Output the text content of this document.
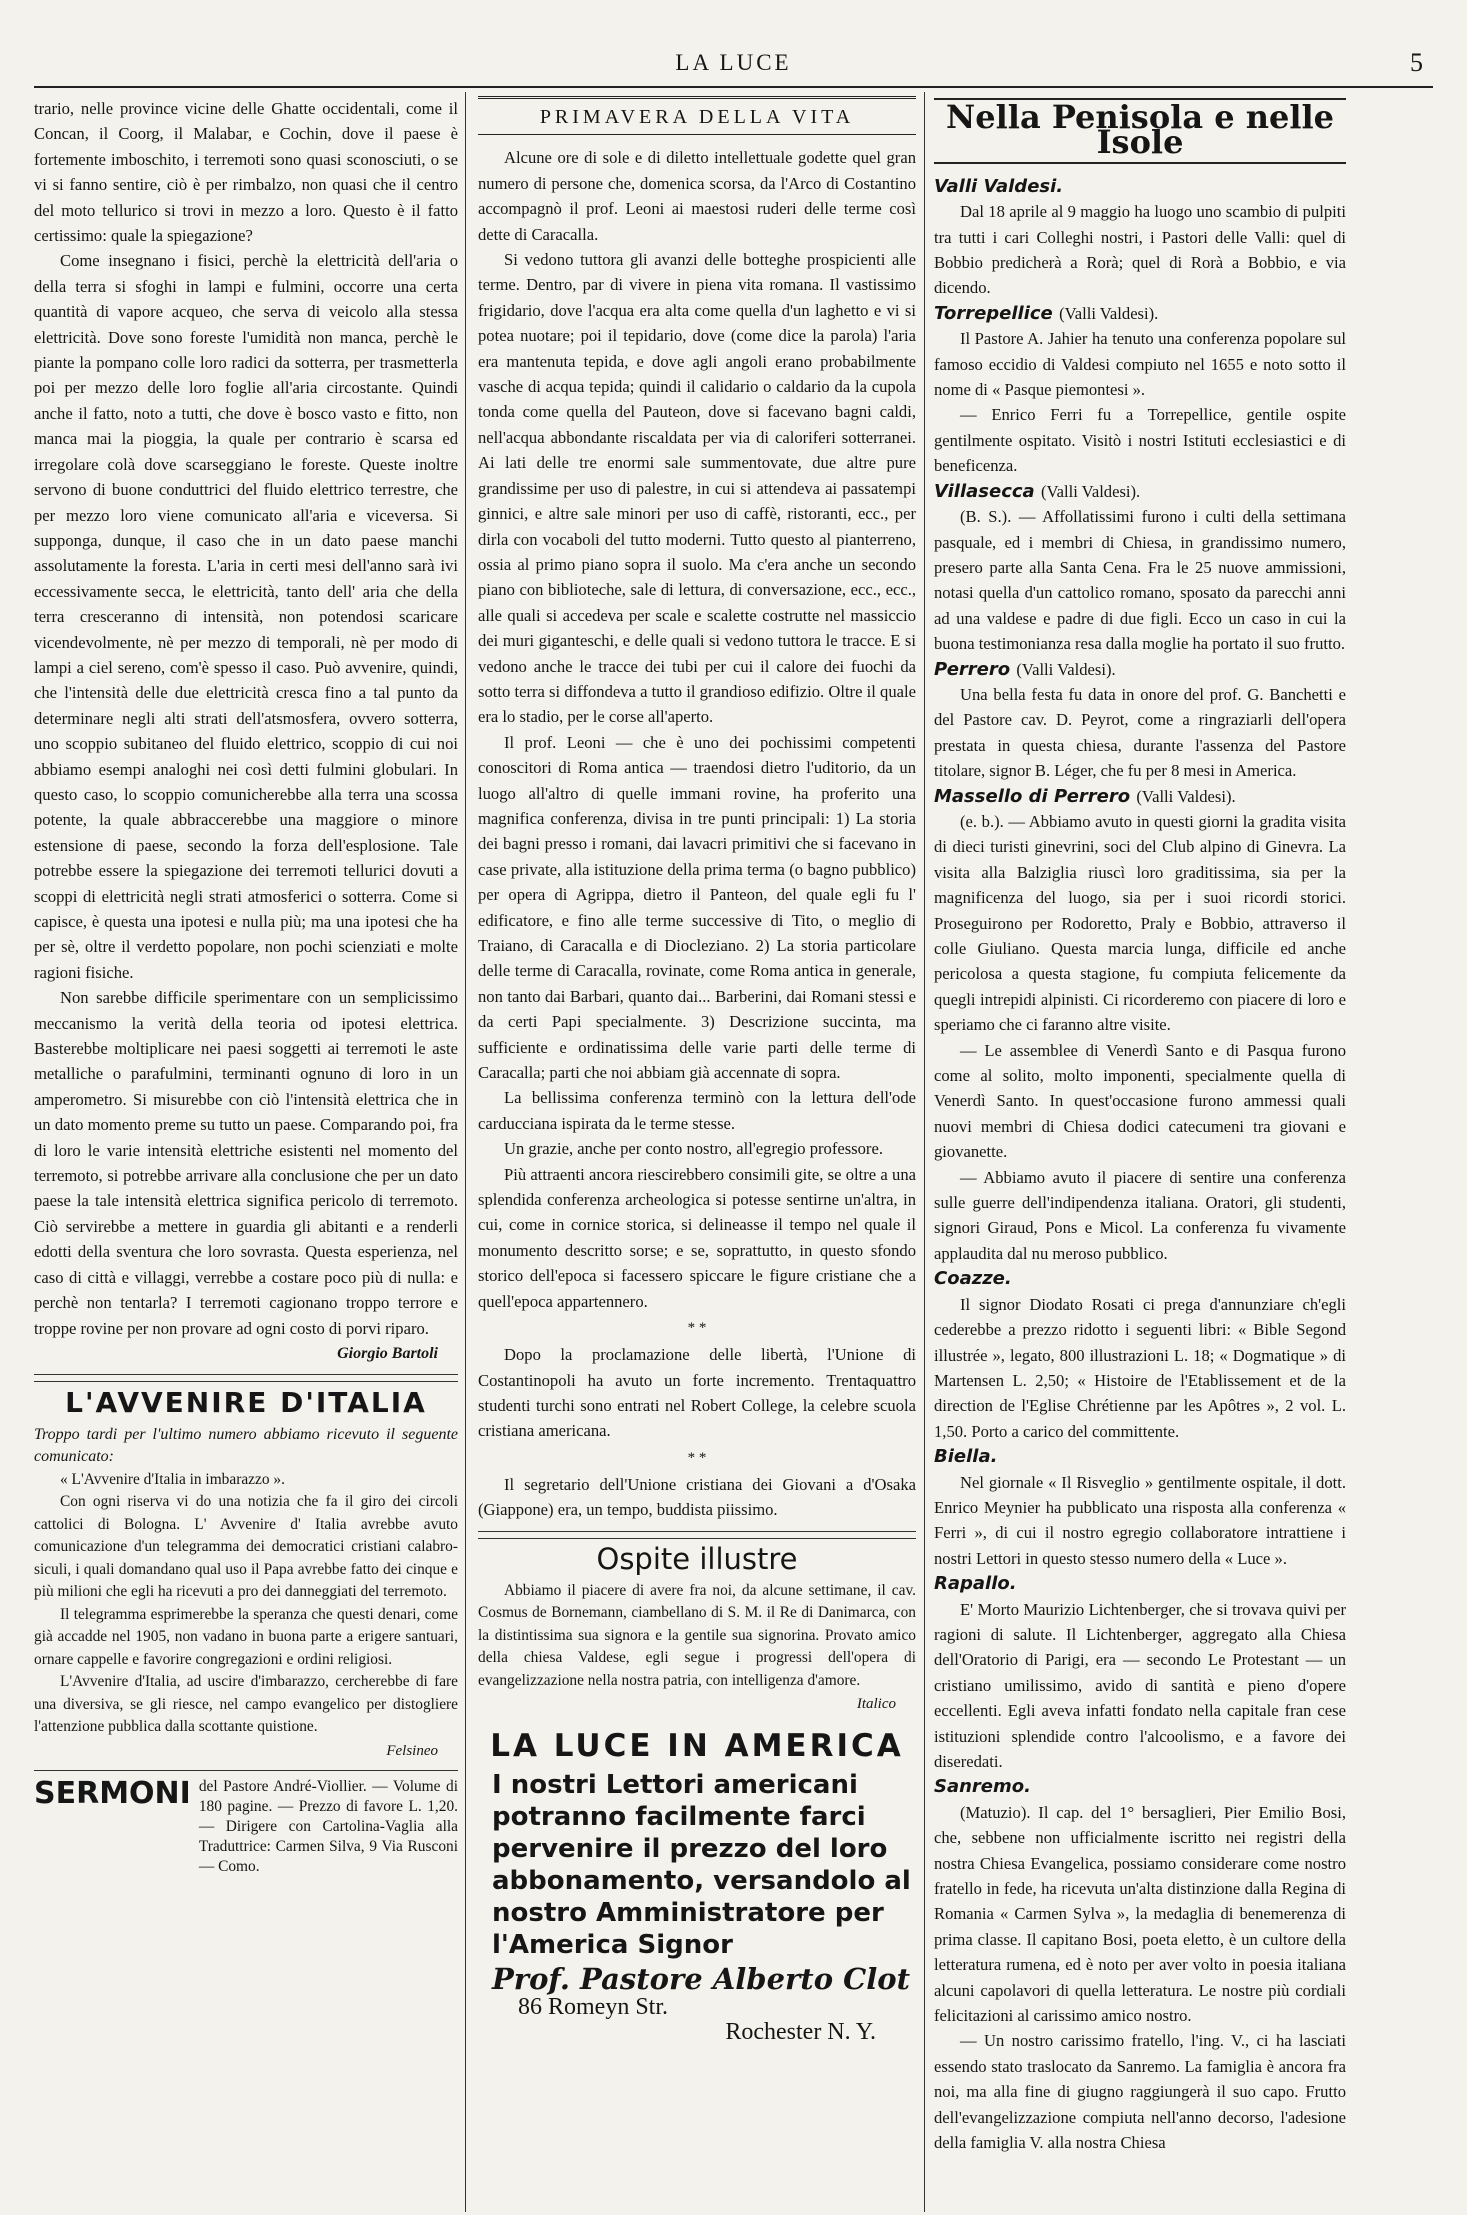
LA LUCE	5

trario, nelle province vicine delle Ghatte occidentali, come il Concan, il Coorg, il Malabar, e Cochin, dove il paese è fortemente imboschito, i terremoti sono quasi sconosciuti, o se vi si fanno sentire, ciò è per rimbalzo, non quasi che il centro del moto tellurico si trovi in mezzo a loro. Questo è il fatto certissimo: quale la spiegazione?

Come insegnano i fisici, perchè la elettricità dell'aria o della terra si sfoghi in lampi e fulmini, occorre una certa quantità di vapore acqueo, che serva di veicolo alla stessa elettricità. Dove sono foreste l'umidità non manca, perchè le piante la pompano colle loro radici da sotterra, per trasmetterla poi per mezzo delle loro foglie all'aria circostante. Quindi anche il fatto, noto a tutti, che dove è bosco vasto e fitto, non manca mai la pioggia, la quale per contrario è scarsa ed irregolare colà dove scarseggiano le foreste. Queste inoltre servono di buone conduttrici del fluido elettrico terrestre, che per mezzo loro viene comunicato all'aria e viceversa. Si supponga, dunque, il caso che in un dato paese manchi assolutamente la foresta. L'aria in certi mesi dell'anno sarà ivi eccessivamente secca, le elettricità, tanto dell' aria che della terra cresceranno di intensità, non potendosi scaricare vicendevolmente, nè per mezzo di temporali, nè per modo di lampi a ciel sereno, com'è spesso il caso. Può avvenire, quindi, che l'intensità delle due elettricità cresca fino a tal punto da determinare negli alti strati dell'atsmosfera, ovvero sotterra, uno scoppio subitaneo del fluido elettrico, scoppio di cui noi abbiamo esempi analoghi nei così detti fulmini globulari. In questo caso, lo scoppio comunicherebbe alla terra una scossa potente, la quale abbraccerebbe una maggiore o minore estensione di paese, secondo la forza dell'esplosione. Tale potrebbe essere la spiegazione dei terremoti tellurici dovuti a scoppi di elettricità negli strati atmosferici o sotterra. Come si capisce, è questa una ipotesi e nulla più; ma una ipotesi che ha per sè, oltre il verdetto popolare, non pochi scienziati e molte ragioni fisiche.

Non sarebbe difficile sperimentare con un semplicissimo meccanismo la verità della teoria od ipotesi elettrica. Basterebbe moltiplicare nei paesi soggetti ai terremoti le aste metalliche o parafulmini, terminanti ognuno di loro in un amperometro. Si misurebbe con ciò l'intensità elettrica che in un dato momento preme su tutto un paese. Comparando poi, fra di loro le varie intensità elettriche esistenti nel momento del terremoto, si potrebbe arrivare alla conclusione che per un dato paese la tale intensità elettrica significa pericolo di terremoto. Ciò servirebbe a mettere in guardia gli abitanti e a renderli edotti della sventura che loro sovrasta. Questa esperienza, nel caso di città e villaggi, verrebbe a costare poco più di nulla: e perchè non tentarla? I terremoti cagionano troppo terrore e troppe rovine per non provare ad ogni costo di porvi riparo.

Giorgio Bartoli
L'AVVENIRE D'ITALIA

Troppo tardi per l'ultimo numero abbiamo ricevuto il seguente comunicato:

« L'Avvenire d'Italia in imbarazzo ».

Con ogni riserva vi do una notizia che fa il giro dei circoli cattolici di Bologna. L' Avvenire d' Italia avrebbe avuto comunicazione d'un telegramma dei democratici cristiani calabro-siculi, i quali domandano qual uso il Papa avrebbe fatto dei cinque e più milioni che egli ha ricevuti a pro dei danneggiati del terremoto.

Il telegramma esprimerebbe la speranza che questi denari, come già accadde nel 1905, non vadano in buona parte a erigere santuari, ornare cappelle e favorire congregazioni e ordini religiosi.

L'Avvenire d'Italia, ad uscire d'imbarazzo, cercherebbe di fare una diversiva, se gli riesce, nel campo evangelico per distogliere l'attenzione pubblica dalla scottante quistione.

Felsineo
SERMONI del Pastore André-Viollier. — Volume di 180 pagine. — Prezzo di favore L. 1,20. — Dirigere con Cartolina-Vaglia alla Traduttrice: Carmen Silva, 9 Via Rusconi — Como.
PRIMAVERA DELLA VITA

Alcune ore di sole e di diletto intellettuale godette quel gran numero di persone che, domenica scorsa, da l'Arco di Costantino accompagnò il prof. Leoni ai maestosi ruderi delle terme così dette di Caracalla.

Si vedono tuttora gli avanzi delle botteghe prospicienti alle terme. Dentro, par di vivere in piena vita romana. Il vastissimo frigidario, dove l'acqua era alta come quella d'un laghetto e vi si potea nuotare; poi il tepidario, dove (come dice la parola) l'aria era mantenuta tepida, e dove agli angoli erano probabilmente vasche di acqua tepida; quindi il calidario o caldario da la cupola tonda come quella del Pauteon, dove si facevano bagni caldi, nell'acqua abbondante riscaldata per via di caloriferi sotterranei. Ai lati delle tre enormi sale summentovate, due altre pure grandissime per uso di palestre, in cui si attendeva ai passatempi ginnici, e altre sale minori per uso di caffè, ristoranti, ecc., per dirla con vocaboli del tutto moderni. Tutto questo al pianterreno, ossia al primo piano sopra il suolo. Ma c'era anche un secondo piano con biblioteche, sale di lettura, di conversazione, ecc., ecc., alle quali si accedeva per scale e scalette costrutte nel massiccio dei muri giganteschi, e delle quali si vedono tuttora le tracce. E si vedono anche le tracce dei tubi per cui il calore dei fuochi da sotto terra si diffondeva a tutto il grandioso edifizio. Oltre il quale era lo stadio, per le corse all'aperto.

Il prof. Leoni — che è uno dei pochissimi competenti conoscitori di Roma antica — traendosi dietro l'uditorio, da un luogo all'altro di quelle immani rovine, ha proferito una magnifica conferenza, divisa in tre punti principali: 1) La storia dei bagni presso i romani, dai lavacri primitivi che si facevano in case private, alla istituzione della prima terma (o bagno pubblico) per opera di Agrippa, dietro il Panteon, del quale egli fu l' edificatore, e fino alle terme successive di Tito, o meglio di Traiano, di Caracalla e di Diocleziano. 2) La storia particolare delle terme di Caracalla, rovinate, come Roma antica in generale, non tanto dai Barbari, quanto dai... Barberini, dai Romani stessi e da certi Papi specialmente. 3) Descrizione succinta, ma sufficiente e ordinatissima delle varie parti delle terme di Caracalla; parti che noi abbiam già accennate di sopra.

La bellissima conferenza terminò con la lettura dell'ode carducciana ispirata da le terme stesse.

Un grazie, anche per conto nostro, all'egregio professore.

Più attraenti ancora riescirebbero consimili gite, se oltre a una splendida conferenza archeologica si potesse sentirne un'altra, in cui, come in cornice storica, si delineasse il tempo nel quale il monumento descritto sorse; e se, soprattutto, in questo sfondo storico dell'epoca si facessero spiccare le figure cristiane che a quell'epoca appartennero.

* *

Dopo la proclamazione delle libertà, l'Unione di Costantinopoli ha avuto un forte incremento. Trentaquattro studenti turchi sono entrati nel Robert College, la celebre scuola cristiana americana.

* *

Il segretario dell'Unione cristiana dei Giovani a d'Osaka (Giappone) era, un tempo, buddista piissimo.

Ospite illustre

Abbiamo il piacere di avere fra noi, da alcune settimane, il cav. Cosmus de Bornemann, ciambellano di S. M. il Re di Danimarca, con la distintissima sua signora e la gentile sua signorina. Provato amico della chiesa Valdese, egli segue i progressi dell'opera di evangelizzazione nella nostra patria, con intelligenza d'amore.

Italico
LA LUCE IN AMERICA
I nostri Lettori americani potranno facilmente farci pervenire il prezzo del loro abbonamento, versandolo al nostro Amministratore per l'America Signor
Prof. Pastore Alberto Clot
86 Romeyn Str.
Rochester N. Y.
Nella Penisola e nelle Isole

Valli Valdesi.

Dal 18 aprile al 9 maggio ha luogo uno scambio di pulpiti tra tutti i cari Colleghi nostri, i Pastori delle Valli: quel di Bobbio predicherà a Rorà; quel di Rorà a Bobbio, e via dicendo.

Torrepellice (Valli Valdesi).

Il Pastore A. Jahier ha tenuto una conferenza popolare sul famoso eccidio di Valdesi compiuto nel 1655 e noto sotto il nome di « Pasque piemontesi ».

— Enrico Ferri fu a Torrepellice, gentile ospite gentilmente ospitato. Visitò i nostri Istituti ecclesiastici e di beneficenza.

Villasecca (Valli Valdesi).

(B. S.). — Affollatissimi furono i culti della settimana pasquale, ed i membri di Chiesa, in grandissimo numero, presero parte alla Santa Cena. Fra le 25 nuove ammissioni, notasi quella d'un cattolico romano, sposato da parecchi anni ad una valdese e padre di due figli. Ecco un caso in cui la buona testimonianza resa dalla moglie ha portato il suo frutto.

Perrero (Valli Valdesi).

Una bella festa fu data in onore del prof. G. Banchetti e del Pastore cav. D. Peyrot, come a ringraziarli dell'opera prestata in questa chiesa, durante l'assenza del Pastore titolare, signor B. Léger, che fu per 8 mesi in America.

Massello di Perrero (Valli Valdesi).

(e. b.). — Abbiamo avuto in questi giorni la gradita visita di dieci turisti ginevrini, soci del Club alpino di Ginevra. La visita alla Balziglia riuscì loro graditissima, sia per la magnificenza del luogo, sia per i suoi ricordi storici. Proseguirono per Rodoretto, Praly e Bobbio, attraverso il colle Giuliano. Questa marcia lunga, difficile ed anche pericolosa a questa stagione, fu compiuta felicemente da quegli intrepidi alpinisti. Ci ricorderemo con piacere di loro e speriamo che ci faranno altre visite.

— Le assemblee di Venerdì Santo e di Pasqua furono come al solito, molto imponenti, specialmente quella di Venerdì Santo. In quest'occasione furono ammessi quali nuovi membri di Chiesa dodici catecumeni tra giovani e giovanette.

— Abbiamo avuto il piacere di sentire una conferenza sulle guerre dell'indipendenza italiana. Oratori, gli studenti, signori Giraud, Pons e Micol. La conferenza fu vivamente applaudita dal nu meroso pubblico.

Coazze.

Il signor Diodato Rosati ci prega d'annunziare ch'egli cederebbe a prezzo ridotto i seguenti libri: « Bible Segond illustrée », legato, 800 illustrazioni L. 18; « Dogmatique » di Martensen L. 2,50; « Histoire de l'Etablissement et de la direction de l'Eglise Chrétienne par les Apôtres », 2 vol. L. 1,50. Porto a carico del committente.

Biella.

Nel giornale « Il Risveglio » gentilmente ospitale, il dott. Enrico Meynier ha pubblicato una risposta alla conferenza « Ferri », di cui il nostro egregio collaboratore intrattiene i nostri Lettori in questo stesso numero della « Luce ».

Rapallo.

E' Morto Maurizio Lichtenberger, che si trovava quivi per ragioni di salute. Il Lichtenberger, aggregato alla Chiesa dell'Oratorio di Parigi, era — secondo Le Protestant — un cristiano umilissimo, avido di santità e pieno d'opere eccellenti. Egli aveva infatti fondato nella capitale fran cese istituzioni splendide contro l'alcoolismo, e a favore dei diseredati.

Sanremo.

(Matuzio). Il cap. del 1° bersaglieri, Pier Emilio Bosi, che, sebbene non ufficialmente iscritto nei registri della nostra Chiesa Evangelica, possiamo considerare come nostro fratello in fede, ha ricevuta un'alta distinzione dalla Regina di Romania « Carmen Sylva », la medaglia di benemerenza di prima classe. Il capitano Bosi, poeta eletto, è un cultore della letteratura rumena, ed è noto per aver volto in poesia italiana alcuni capolavori di quella letteratura. Le nostre più cordiali felicitazioni al carissimo amico nostro.

— Un nostro carissimo fratello, l'ing. V., ci ha lasciati essendo stato traslocato da Sanremo. La famiglia è ancora fra noi, ma alla fine di giugno raggiungerà il suo capo. Frutto dell'evangelizzazione compiuta nell'anno decorso, l'adesione della famiglia V. alla nostra Chiesa
